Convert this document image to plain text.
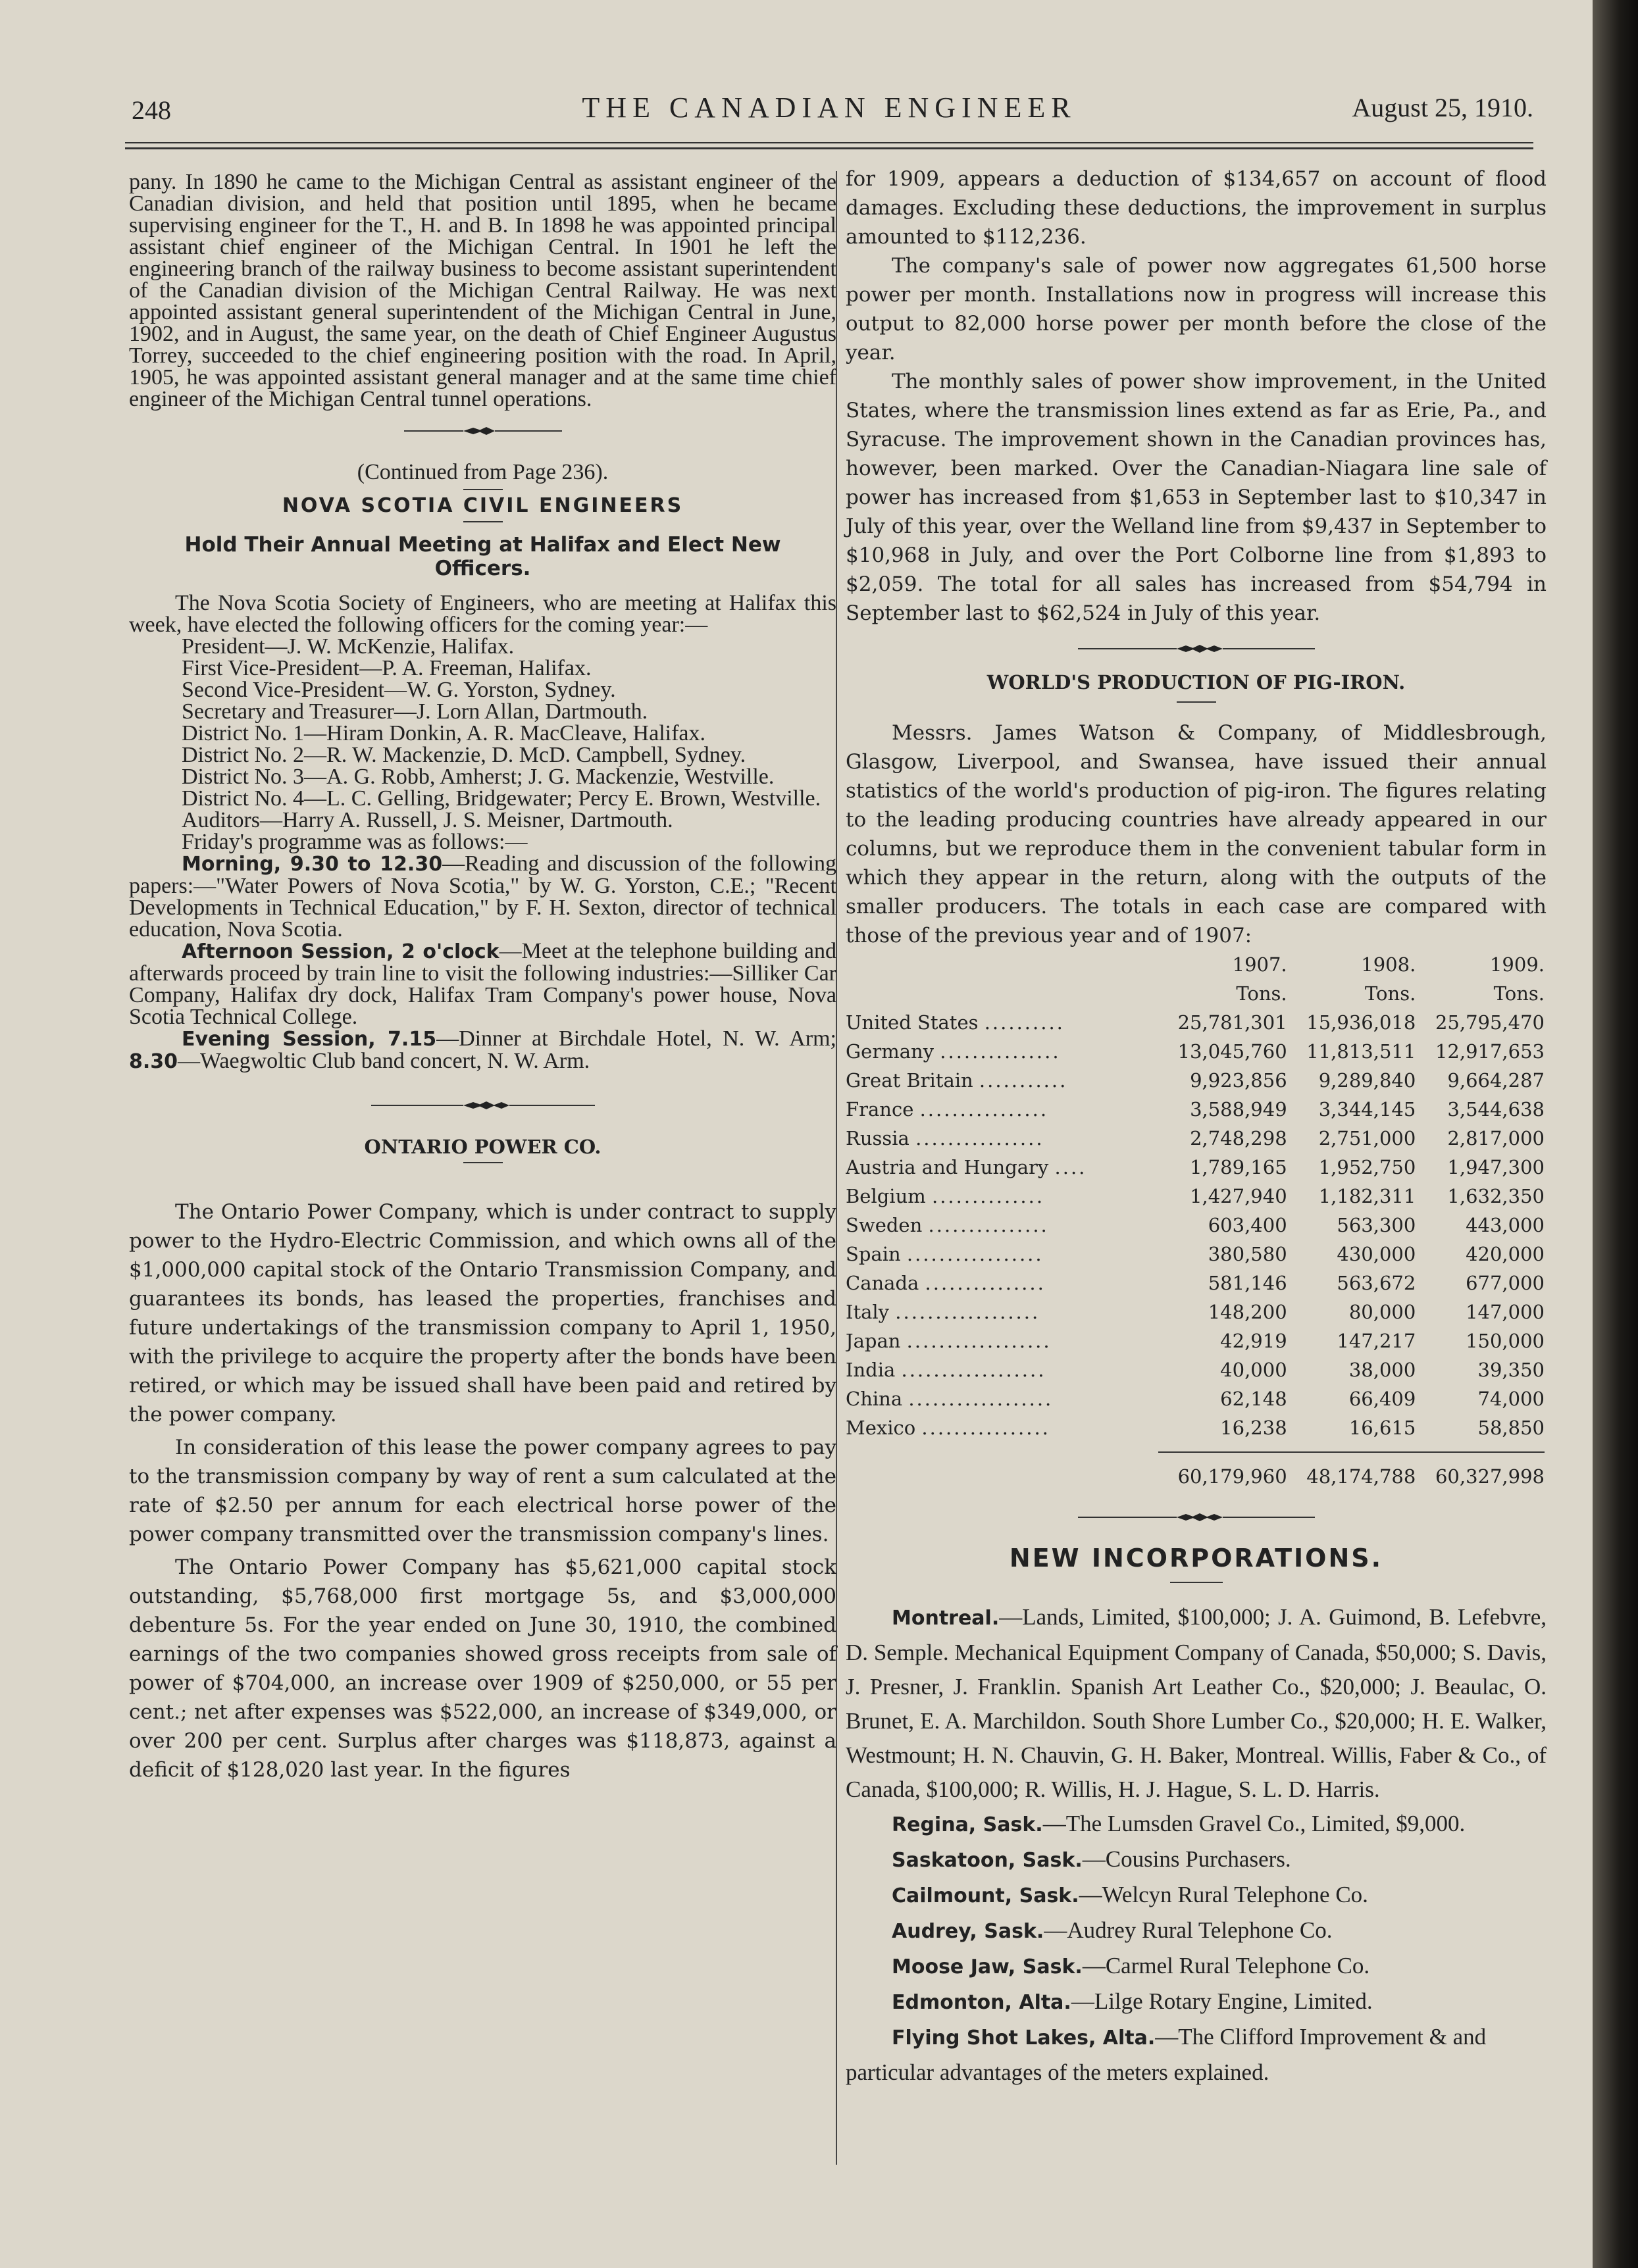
248	THE CANADIAN ENGINEER	August 25, 1910.

pany. In 1890 he came to the Michigan Central as assistant engineer of the Canadian division, and held that position until 1895, when he became supervising engineer for the T., H. and B. In 1898 he was appointed principal assistant chief engineer of the Michigan Central. In 1901 he left the engineering branch of the railway business to become assistant superintendent of the Canadian division of the Michigan Central Railway. He was next appointed assistant general superintendent of the Michigan Central in June, 1902, and in August, the same year, on the death of Chief Engineer Augustus Torrey, succeeded to the chief engineering position with the road. In April, 1905, he was appointed assistant general manager and at the same time chief engineer of the Michigan Central tunnel operations.

(Continued from Page 236).

NOVA SCOTIA CIVIL ENGINEERS
Hold Their Annual Meeting at Halifax and Elect New Officers.

The Nova Scotia Society of Engineers, who are meeting at Halifax this week, have elected the following officers for the coming year:—

President—J. W. McKenzie, Halifax.

First Vice-President—P. A. Freeman, Halifax.

Second Vice-President—W. G. Yorston, Sydney.

Secretary and Treasurer—J. Lorn Allan, Dartmouth.

District No. 1—Hiram Donkin, A. R. MacCleave, Halifax.

District No. 2—R. W. Mackenzie, D. McD. Campbell, Sydney.

District No. 3—A. G. Robb, Amherst; J. G. Mackenzie, Westville.

District No. 4—L. C. Gelling, Bridgewater; Percy E. Brown, Westville.

Auditors—Harry A. Russell, J. S. Meisner, Dartmouth.

Friday's programme was as follows:—

Morning, 9.30 to 12.30—Reading and discussion of the following papers:—"Water Powers of Nova Scotia," by W. G. Yorston, C.E.; "Recent Developments in Technical Education," by F. H. Sexton, director of technical education, Nova Scotia.

Afternoon Session, 2 o'clock—Meet at the telephone building and afterwards proceed by train line to visit the following industries:—Silliker Car Company, Halifax dry dock, Halifax Tram Company's power house, Nova Scotia Technical College.

Evening Session, 7.15—Dinner at Birchdale Hotel, N. W. Arm; 8.30—Waegwoltic Club band concert, N. W. Arm.

ONTARIO POWER CO.

The Ontario Power Company, which is under contract to supply power to the Hydro-Electric Commission, and which owns all of the $1,000,000 capital stock of the Ontario Transmission Company, and guarantees its bonds, has leased the properties, franchises and future undertakings of the transmission company to April 1, 1950, with the privilege to acquire the property after the bonds have been retired, or which may be issued shall have been paid and retired by the power company.

In consideration of this lease the power company agrees to pay to the transmission company by way of rent a sum calculated at the rate of $2.50 per annum for each electrical horse power of the power company transmitted over the transmission company's lines.

The Ontario Power Company has $5,621,000 capital stock outstanding, $5,768,000 first mortgage 5s, and $3,000,000 debenture 5s. For the year ended on June 30, 1910, the combined earnings of the two companies showed gross receipts from sale of power of $704,000, an increase over 1909 of $250,000, or 55 per cent.; net after expenses was $522,000, an increase of $349,000, or over 200 per cent. Surplus after charges was $118,873, against a deficit of $128,020 last year. In the figures

for 1909, appears a deduction of $134,657 on account of flood damages. Excluding these deductions, the improvement in surplus amounted to $112,236.

The company's sale of power now aggregates 61,500 horse power per month. Installations now in progress will increase this output to 82,000 horse power per month before the close of the year.

The monthly sales of power show improvement, in the United States, where the transmission lines extend as far as Erie, Pa., and Syracuse. The improvement shown in the Canadian provinces has, however, been marked. Over the Canadian-Niagara line sale of power has increased from $1,653 in September last to $10,347 in July of this year, over the Welland line from $9,437 in September to $10,968 in July, and over the Port Colborne line from $1,893 to $2,059. The total for all sales has increased from $54,794 in September last to $62,524 in July of this year.

WORLD'S PRODUCTION OF PIG-IRON.

Messrs. James Watson & Company, of Middlesbrough, Glasgow, Liverpool, and Swansea, have issued their annual statistics of the world's production of pig-iron. The figures relating to the leading producing countries have already appeared in our columns, but we reproduce them in the convenient tabular form in which they appear in the return, along with the outputs of the smaller producers. The totals in each case are compared with those of the previous year and of 1907:

	1907.	1908.	1909.
	Tons.	Tons.	Tons.
United States ..........	25,781,301	15,936,018	25,795,470
Germany ...............	13,045,760	11,813,511	12,917,653
Great Britain ...........	9,923,856	9,289,840	9,664,287
France ................	3,588,949	3,344,145	3,544,638
Russia ................	2,748,298	2,751,000	2,817,000
Austria and Hungary ....	1,789,165	1,952,750	1,947,300
Belgium ..............	1,427,940	1,182,311	1,632,350
Sweden ...............	603,400	563,300	443,000
Spain .................	380,580	430,000	420,000
Canada ...............	581,146	563,672	677,000
Italy ..................	148,200	80,000	147,000
Japan ..................	42,919	147,217	150,000
India ..................	40,000	38,000	39,350
China ..................	62,148	66,409	74,000
Mexico ................	16,238	16,615	58,850

	60,179,960	48,174,788	60,327,998
NEW INCORPORATIONS.

Montreal.—Lands, Limited, $100,000; J. A. Guimond, B. Lefebvre, D. Semple. Mechanical Equipment Company of Canada, $50,000; S. Davis, J. Presner, J. Franklin. Spanish Art Leather Co., $20,000; J. Beaulac, O. Brunet, E. A. Marchildon. South Shore Lumber Co., $20,000; H. E. Walker, Westmount; H. N. Chauvin, G. H. Baker, Montreal. Willis, Faber & Co., of Canada, $100,000; R. Willis, H. J. Hague, S. L. D. Harris.

Regina, Sask.—The Lumsden Gravel Co., Limited, $9,000.

Saskatoon, Sask.—Cousins Purchasers.

Cailmount, Sask.—Welcyn Rural Telephone Co.

Audrey, Sask.—Audrey Rural Telephone Co.

Moose Jaw, Sask.—Carmel Rural Telephone Co.

Edmonton, Alta.—Lilge Rotary Engine, Limited.

Flying Shot Lakes, Alta.—The Clifford Improvement & and particular advantages of the meters explained.
